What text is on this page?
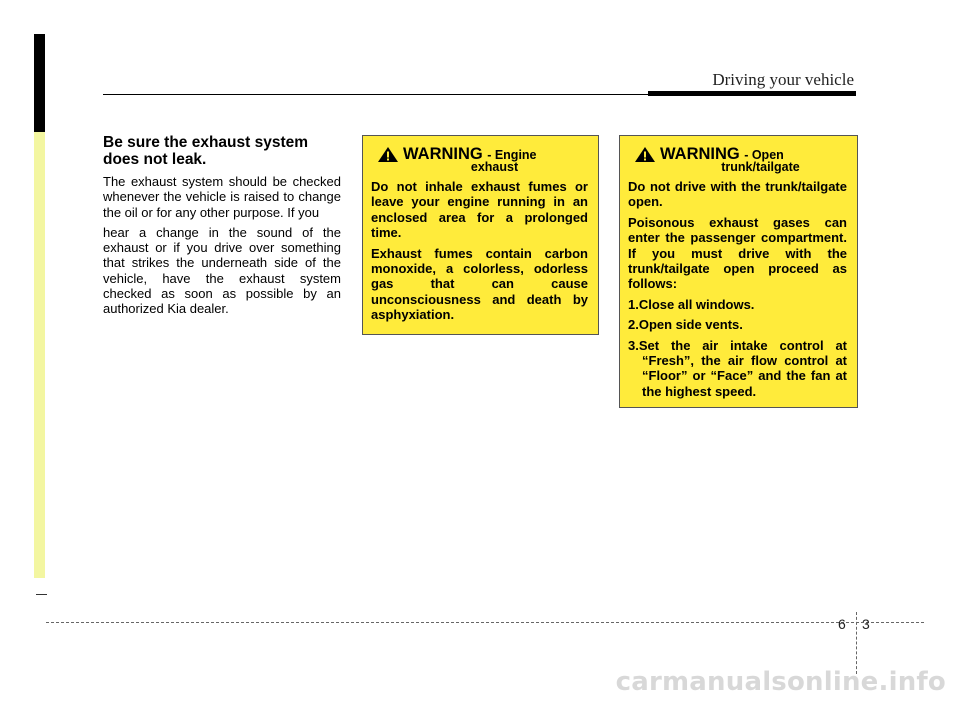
Driving your vehicle
Be sure the exhaust system does not leak.

The exhaust system should be checked whenever the vehicle is raised to change the oil or for any other purpose. If you

hear a change in the sound of the exhaust or if you drive over something that strikes the underneath side of the vehicle, have the exhaust system checked as soon as possible by an authorized Kia dealer.

WARNING - Engine
exhaust

Do not inhale exhaust fumes or leave your engine running in an enclosed area for a prolonged time.

Exhaust fumes contain carbon monoxide, a colorless, odorless gas that can cause unconsciousness and death by asphyxiation.

WARNING - Open
trunk/tailgate

Do not drive with the trunk/tailgate open.

Poisonous exhaust gases can enter the passenger compartment. If you must drive with the trunk/tailgate open proceed as follows:

1.Close all windows.
2.Open side vents.
3.Set the air intake control at “Fresh”, the air flow control at “Floor” or “Face” and the fan at the highest speed.
6 3
carmanualsonline.info
